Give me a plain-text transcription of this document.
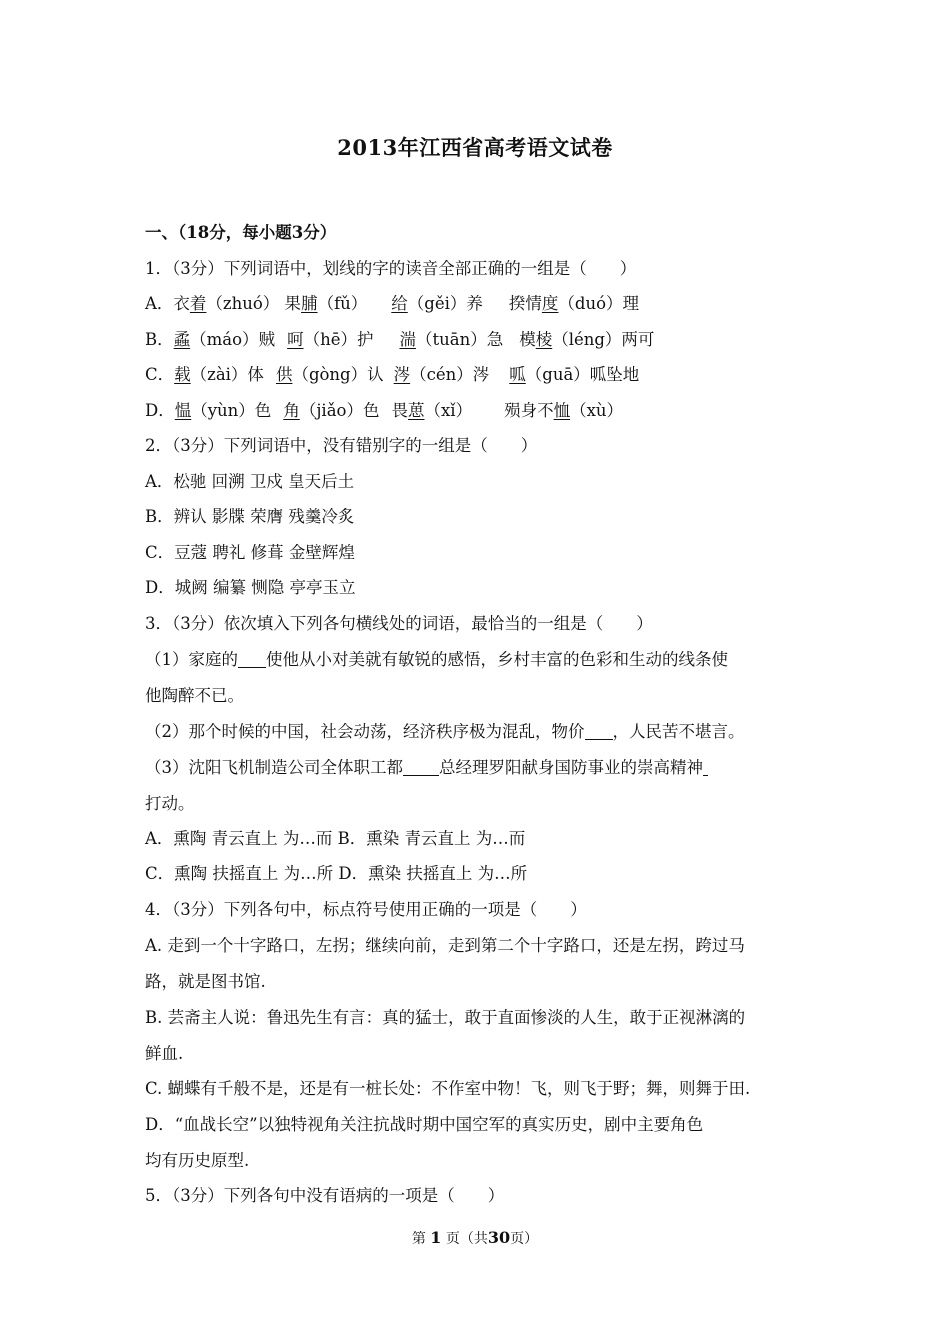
2013年江西省高考语文试卷
一、（18分，每小题3分）
1．（3分）下列词语中，划线的字的读音全部正确的一组是（　　）
A．衣着（zhuó） 果脯（fǔ） 给（gěi）养 揆情度（duó）理
B．蟊（máo）贼 呵（hē）护 湍（tuān）急 模棱（léng）两可
C．载（zài）体 供（gòng）认 涔（cén）涔 呱（guā）呱坠地
D．愠（yùn）色 角（jiǎo）色 畏葸（xǐ） 殒身不恤（xù）
2．（3分）下列词语中，没有错别字的一组是（　　）
A．松驰 回溯 卫戍 皇天后土
B．辨认 影牒 荣膺 残羹冷炙
C．豆蔻 聘礼 修葺 金壁辉煌
D．城阙 编纂 恻隐 亭亭玉立
3．（3分）依次填入下列各句横线处的词语，最恰当的一组是（　　）
（1）家庭的 使他从小对美就有敏锐的感悟，乡村丰富的色彩和生动的线条使
他陶醉不已。
（2）那个时候的中国，社会动荡，经济秩序极为混乱，物价 ，人民苦不堪言。
（3）沈阳飞机制造公司全体职工都 总经理罗阳献身国防事业的崇高精神
打动。
A．熏陶 青云直上 为…而 B．熏染 青云直上 为…而
C．熏陶 扶摇直上 为…所 D．熏染 扶摇直上 为…所
4．（3分）下列各句中，标点符号使用正确的一项是（　　）
A. 走到一个十字路口，左拐；继续向前，走到第二个十字路口，还是左拐，跨过马
路，就是图书馆.
B. 芸斋主人说：鲁迅先生有言：真的猛士，敢于直面惨淡的人生，敢于正视淋漓的
鲜血.
C. 蝴蝶有千般不是，还是有一桩长处：不作室中物！飞，则飞于野；舞，则舞于田.
D．“血战长空”以独特视角关注抗战时期中国空军的真实历史，剧中主要角色
均有历史原型.
5．（3分）下列各句中没有语病的一项是（　　）
第 1 页（共30页）
